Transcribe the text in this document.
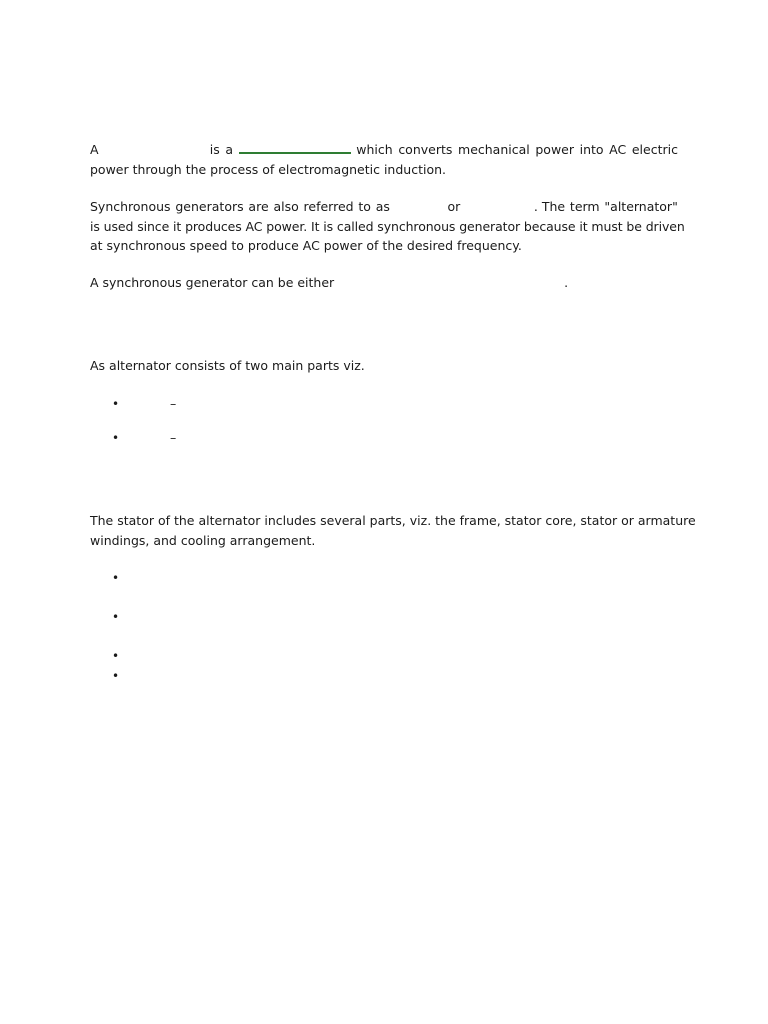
A	is a	which converts mechanical power into AC electric
power through the process of electromagnetic induction.
Synchronous generators are also referred to as	or	. The term "alternator"
is used since it produces AC power. It is called synchronous generator because it must be driven
at synchronous speed to produce AC power of the desired frequency.
A synchronous generator can be either	.
As alternator consists of two main parts viz.
•	–
•	–
The stator of the alternator includes several parts, viz. the frame, stator core, stator or armature
windings, and cooling arrangement.
•
•
•
•
